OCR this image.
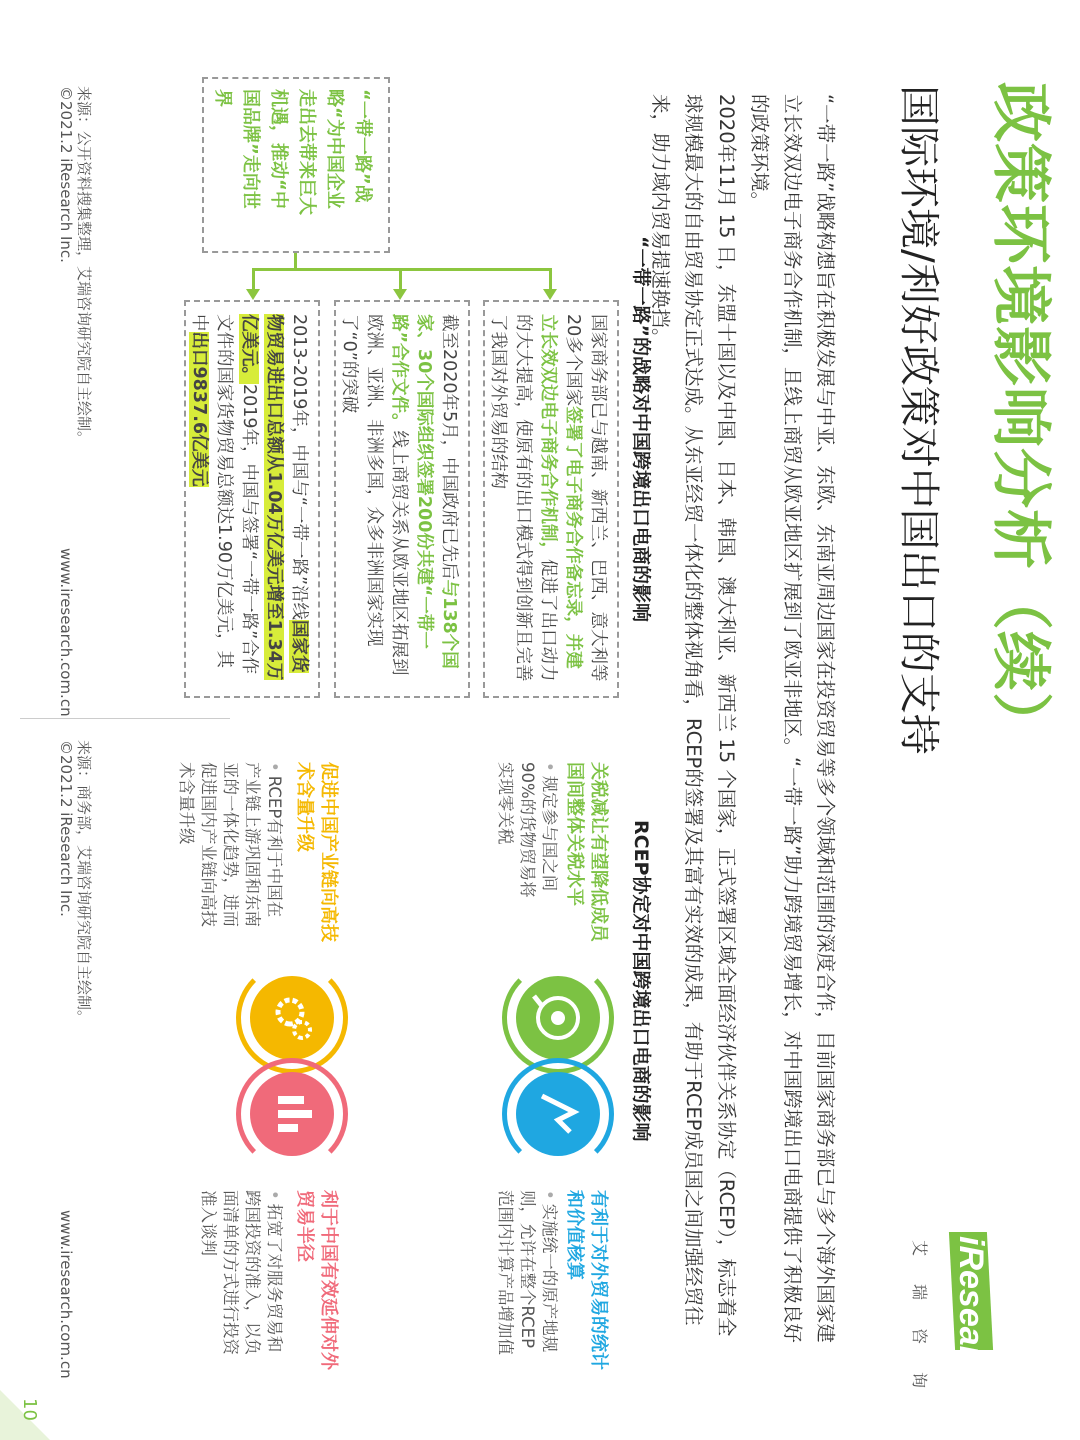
政策环境影响分析（续）
国际环境/利好政策对中国出口的支持
iResearch
艾瑞咨询

“一带一路”战略构想旨在积极发展与中亚、东欧、东南亚周边国家在投资贸易等多个领域和范围的深度合作，目前国家商务部已与多个海外国家建立长效双边电子商务合作机制，且线上商贸从欧亚地区扩展到了欧亚非地区。“一带一路”助力跨境贸易增长，对中国跨境出口电商提供了积极良好的政策环境。

2020年11月 15 日，东盟十国以及中国、日本、韩国、澳大利亚、新西兰 15 个国家，正式签署区域全面经济伙伴关系协定（RCEP），标志着全球规模最大的自由贸易协定正式达成。从东亚经贸一体化的整体视角看，RCEP的签署及其富有实效的成果，有助于RCEP成员国之间加强经贸往来，助力域内贸易提速换挡。

“一带一路”的战略对中国跨境出口电商的影响
国家商务部已与越南、新西兰、巴西、意大利等20多个国家签署了电子商务合作备忘录，并建立长效双边电子商务合作机制，促进了出口动力的大大提高，使原有的出口模式得到创新且完善了我国对外贸易的结构
截至2020年5月，中国政府已先后与138个国家、30个国际组织签署200份共建“一带一路”合作文件。线上商贸关系从欧亚地区拓展到欧洲、亚洲、非洲多国，众多非洲国家实现了“0”的突破
2013-2019年，中国与“一带一路”沿线国家货物贸易进出口总额从1.04万亿美元增至1.34万亿美元。2019年，中国与签署“一带一路”合作文件的国家货物贸易总额达1.90万亿美元，其中出口9837.6亿美元
“一带一路”战
略“为中国企业
走出去带来巨大
机遇，推动“中
国品牌”走向世
界
来源：公开资料搜集整理，艾瑞咨询研究院自主绘制。
©2021.2 iResearch Inc.
www.iresearch.com.cn
RCEP协定对中国跨境出口电商的影响
关税减让有望降低成员国间整体关税水平
•规定参与国之间90%的货物贸易将实现零关税
有利于对外贸易的统计和价值核算
•实施统一的原产地规则，允许在整个RCEP范围内计算产品增加值
促进中国产业链向高技术含量升级
•RCEP有利于中国在产业链上游巩固和东南亚的一体化趋势，进而促进国内产业链向高技术含量升级
利于中国有效延伸对外贸易半径
•拓宽了对服务贸易和跨国投资的准入，以负面清单的方式进行投资准入谈判
来源：商务部，艾瑞咨询研究院自主绘制。
©2021.2 iResearch Inc.
www.iresearch.com.cn
10
